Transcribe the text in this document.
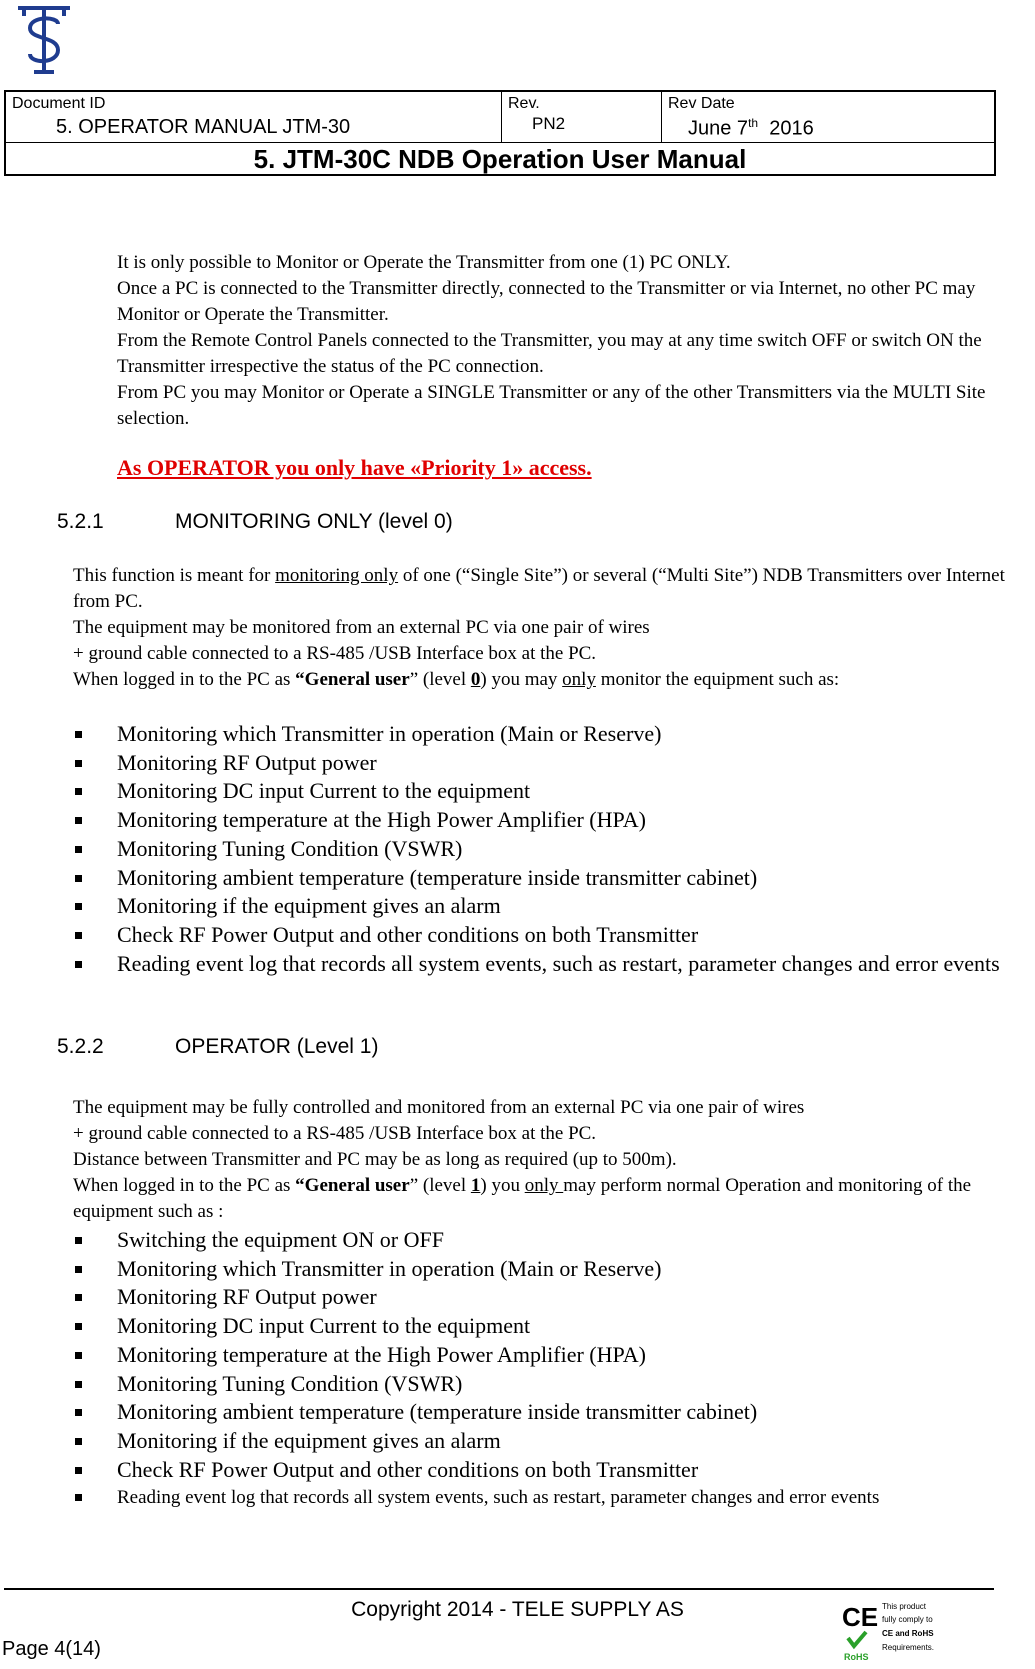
Document ID
5. OPERATOR MANUAL JTM-30
Rev.
PN2
Rev Date
June 7th 2016
5. JTM-30C NDB Operation User Manual

It is only possible to Monitor or Operate the Transmitter from one (1) PC ONLY.

Once a PC is connected to the Transmitter directly, connected to the Transmitter or via Internet, no other PC may Monitor or Operate the Transmitter.

From the Remote Control Panels connected to the Transmitter, you may at any time switch OFF or switch ON the Transmitter irrespective the status of the PC connection.

From PC you may Monitor or Operate a SINGLE Transmitter or any of the other Transmitters via the MULTI Site selection.

As OPERATOR you only have «Priority 1» access.
5.2.1	MONITORING ONLY (level 0)

This function is meant for monitoring only of one (“Single Site”) or several (“Multi Site”) NDB Transmitters over Internet from PC.

The equipment may be monitored from an external PC via one pair of wires

+ ground cable connected to a RS-485 /USB Interface box at the PC.

When logged in to the PC as “General user” (level 0) you may only monitor the equipment such as:

Monitoring which Transmitter in operation (Main or Reserve)
Monitoring RF Output power
Monitoring DC input Current to the equipment
Monitoring temperature at the High Power Amplifier (HPA)
Monitoring Tuning Condition (VSWR)
Monitoring ambient temperature (temperature inside transmitter cabinet)
Monitoring if the equipment gives an alarm
Check RF Power Output and other conditions on both Transmitter
Reading event log that records all system events, such as restart, parameter changes and error events
5.2.2	OPERATOR (Level 1)

The equipment may be fully controlled and monitored from an external PC via one pair of wires

+ ground cable connected to a RS-485 /USB Interface box at the PC.

Distance between Transmitter and PC may be as long as required (up to 500m).

When logged in to the PC as “General user” (level 1) you only may perform normal Operation and monitoring of the equipment such as :

Switching the equipment ON or OFF
Monitoring which Transmitter in operation (Main or Reserve)
Monitoring RF Output power
Monitoring DC input Current to the equipment
Monitoring temperature at the High Power Amplifier (HPA)
Monitoring Tuning Condition (VSWR)
Monitoring ambient temperature (temperature inside transmitter cabinet)
Monitoring if the equipment gives an alarm
Check RF Power Output and other conditions on both Transmitter
Reading event log that records all system events, such as restart, parameter changes and error events
Copyright 2014 - TELE SUPPLY AS
Page 4(14)
CE This product
fully comply to
CE and RoHS
Requirements.
RoHS
